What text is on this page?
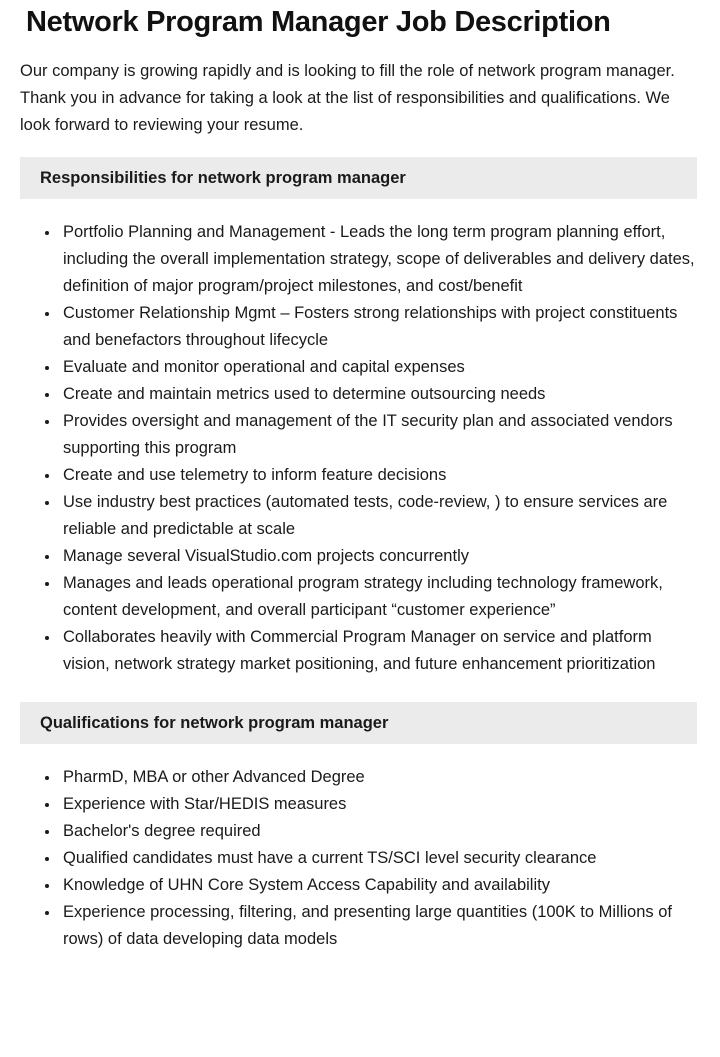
Network Program Manager Job Description

Our company is growing rapidly and is looking to fill the role of network program manager. Thank you in advance for taking a look at the list of responsibilities and qualifications. We look forward to reviewing your resume.

Responsibilities for network program manager
• Portfolio Planning and Management - Leads the long term program planning effort, including the overall implementation strategy, scope of deliverables and delivery dates, definition of major program/project milestones, and cost/benefit
• Customer Relationship Mgmt – Fosters strong relationships with project constituents and benefactors throughout lifecycle
• Evaluate and monitor operational and capital expenses
• Create and maintain metrics used to determine outsourcing needs
• Provides oversight and management of the IT security plan and associated vendors supporting this program
• Create and use telemetry to inform feature decisions
• Use industry best practices (automated tests, code-review, ) to ensure services are reliable and predictable at scale
• Manage several VisualStudio.com projects concurrently
• Manages and leads operational program strategy including technology framework, content development, and overall participant “customer experience”
• Collaborates heavily with Commercial Program Manager on service and platform vision, network strategy market positioning, and future enhancement prioritization
Qualifications for network program manager
• PharmD, MBA or other Advanced Degree
• Experience with Star/HEDIS measures
• Bachelor's degree required
• Qualified candidates must have a current TS/SCI level security clearance
• Knowledge of UHN Core System Access Capability and availability
• Experience processing, filtering, and presenting large quantities (100K to Millions of rows) of data developing data models
